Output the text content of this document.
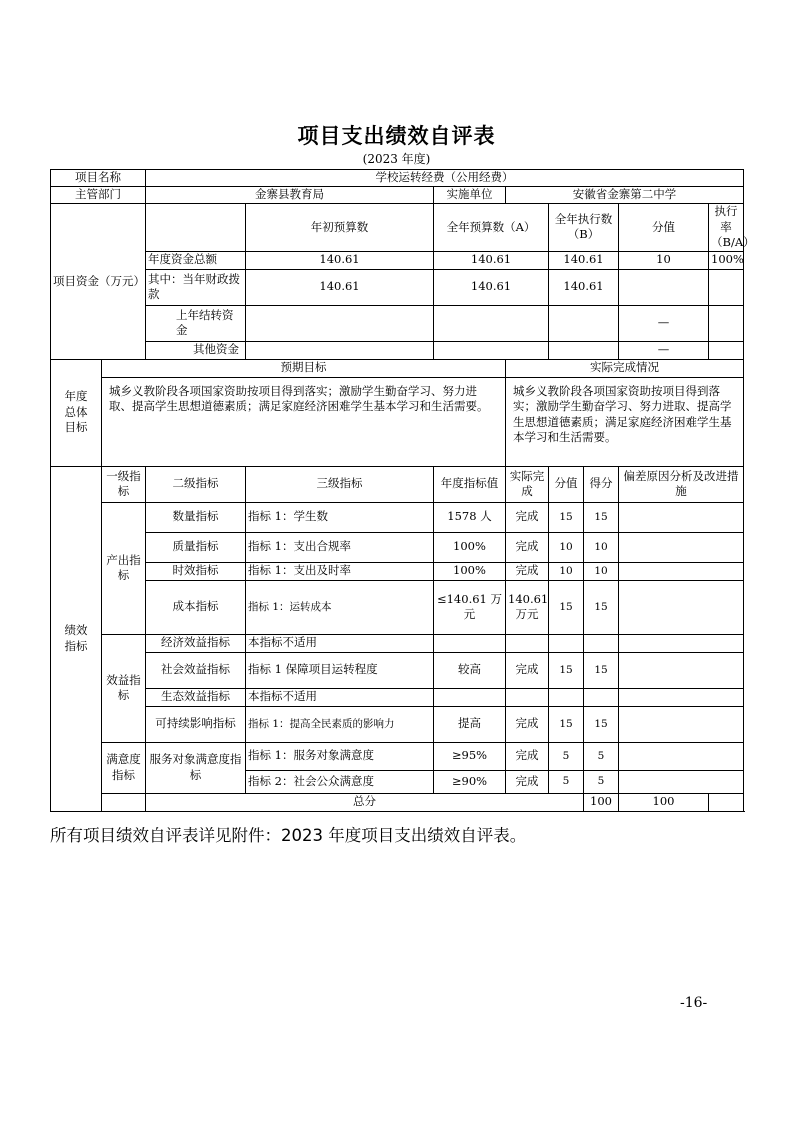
项目支出绩效自评表
(2023 年度)
项目名称		学校运转经费（公用经费）								
主管部门		金寨县教育局		实施单位	安徽省金寨第二中学					
项目资金（万元）			年初预算数	全年预算数（A）		全年执行数（B）		分值	执行率（B/A）	
		年度资金总额	140.61	140.61		140.61		10	100%	
		其中：当年财政拨款	140.61	140.61		140.61				
		上年结转资金						—		
		其他资金						—		
年度总体目标	预期目标				实际完成情况					
	城乡义教阶段各项国家资助按项目得到落实；激励学生勤奋学习、努力进取、提高学生思想道德素质；满足家庭经济困难学生基本学习和生活需要。				城乡义教阶段各项国家资助按项目得到落实；激励学生勤奋学习、努力进取、提高学生思想道德素质；满足家庭经济困难学生基本学习和生活需要。					
绩效指标	一级指标	二级指标	三级指标	年度指标值	实际完成	分值	得分	偏差原因分析及改进措施		
	产出指标	数量指标	指标 1：学生数	1578 人	完成	15	15			
		质量指标	指标 1：支出合规率	100%	完成	10	10			
		时效指标	指标 1：支出及时率	100%	完成	10	10			
		成本指标	指标 1：运转成本	≤140.61 万元	140.61 万元	15	15			
	效益指标	经济效益指标	本指标不适用							
		社会效益指标	指标 1 保障项目运转程度	较高	完成	15	15			
		生态效益指标	本指标不适用							
		可持续影响指标	指标 1：提高全民素质的影响力	提高	完成	15	15			
	满意度指标	服务对象满意度指标	指标 1：服务对象满意度	≥95%	完成	5	5			
			指标 2：社会公众满意度	≥90%	完成	5	5			
		总分					100	100		
所有项目绩效自评表详见附件：2023 年度项目支出绩效自评表。
-16-
